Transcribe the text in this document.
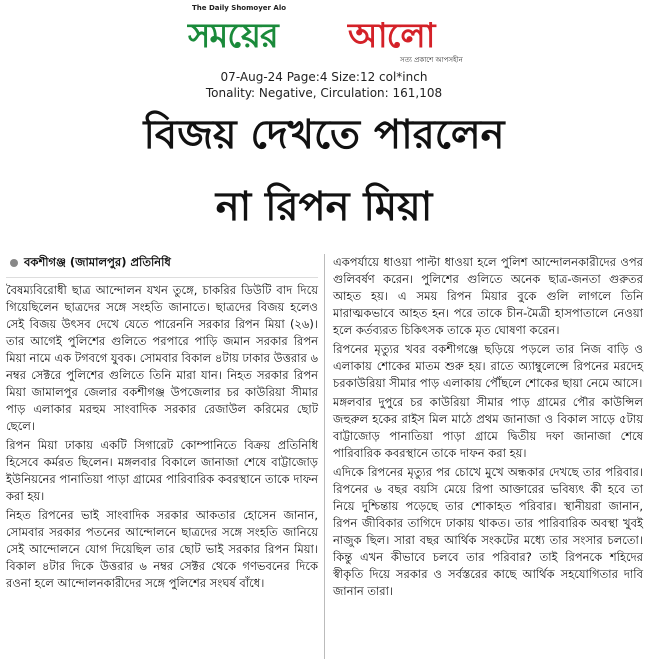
The Daily Shomoyer Alo
সময়ের আলো
সত্য প্রকাশে আপসহীন
07-Aug-24 Page:4 Size:12 col*inch
Tonality: Negative, Circulation: 161,108
বিজয় দেখতে পারলেন
না রিপন মিয়া
বকশীগঞ্জ (জামালপুর) প্রতিনিধি

বৈষম্যবিরোধী ছাত্র আন্দোলন যখন তুঙ্গে, চাকরির ডিউটি বাদ দিয়ে গিয়েছিলেন ছাত্রদের সঙ্গে সংহতি জানাতে। ছাত্রদের বিজয় হলেও সেই বিজয় উৎসব দেখে যেতে পারেননি সরকার রিপন মিয়া (২৬)। তার আগেই পুলিশের গুলিতে পরপারে পাড়ি জমান সরকার রিপন মিয়া নামে এক টগবগে যুবক। সোমবার বিকাল ৪টায় ঢাকার উত্তরার ৬ নম্বর সেক্টরে পুলিশের গুলিতে তিনি মারা যান। নিহত সরকার রিপন মিয়া জামালপুর জেলার বকশীগঞ্জ উপজেলার চর কাউরিয়া সীমার পাড় এলাকার মরহুম সাংবাদিক সরকার রেজাউল করিমের ছোট ছেলে।

রিপন মিয়া ঢাকায় একটি সিগারেট কোম্পানিতে বিক্রয় প্রতিনিধি হিসেবে কর্মরত ছিলেন। মঙ্গলবার বিকালে জানাজা শেষে বাট্টাজোড় ইউনিয়নের পানাতিয়া পাড়া গ্রামের পারিবারিক কবরস্থানে তাকে দাফন করা হয়।

নিহত রিপনের ভাই সাংবাদিক সরকার আকতার হোসেন জানান, সোমবার সরকার পতনের আন্দোলনে ছাত্রদের সঙ্গে সংহতি জানিয়ে সেই আন্দোলনে যোগ দিয়েছিল তার ছোট ভাই সরকার রিপন মিয়া। বিকাল ৪টার দিকে উত্তরার ৬ নম্বর সেক্টর থেকে গণভবনের দিকে রওনা হলে আন্দোলনকারীদের সঙ্গে পুলিশের সংঘর্ষ বাঁধে।

একপর্যায়ে ধাওয়া পাল্টা ধাওয়া হলে পুলিশ আন্দোলনকারীদের ওপর গুলিবর্ষণ করেন। পুলিশের গুলিতে অনেক ছাত্র-জনতা গুরুতর আহত হয়। এ সময় রিপন মিয়ার বুকে গুলি লাগলে তিনি মারাত্মকভাবে আহত হন। পরে তাকে চীন-মৈত্রী হাসপাতালে নেওয়া হলে কর্তব্যরত চিকিৎসক তাকে মৃত ঘোষণা করেন।

রিপনের মৃত্যুর খবর বকশীগঞ্জে ছড়িয়ে পড়লে তার নিজ বাড়ি ও এলাকায় শোকের মাতম শুরু হয়। রাতে অ্যাম্বুলেন্সে রিপনের মরদেহ চরকাউরিয়া সীমার পাড় এলাকায় পৌঁছলে শোকের ছায়া নেমে আসে।

মঙ্গলবার দুপুরে চর কাউরিয়া সীমার পাড় গ্রামের পৌর কাউন্সিল জহুরুল হকের রাইস মিল মাঠে প্রথম জানাজা ও বিকাল সাড়ে ৫টায় বাট্টাজোড় পানাতিয়া পাড়া গ্রামে দ্বিতীয় দফা জানাজা শেষে পারিবারিক কবরস্থানে তাকে দাফন করা হয়।

এদিকে রিপনের মৃত্যুর পর চোখে মুখে অন্ধকার দেখছে তার পরিবার। রিপনের ৬ বছর বয়সি মেয়ে রিপা আক্তারের ভবিষ্যৎ কী হবে তা নিয়ে দুশ্চিন্তায় পড়েছে তার শোকাহত পরিবার। স্থানীয়রা জানান, রিপন জীবিকার তাগিদে ঢাকায় থাকত। তার পারিবারিক অবস্থা খুবই নাজুক ছিল। সারা বছর আর্থিক সংকটের মধ্যে তার সংসার চলতো। কিন্তু এখন কীভাবে চলবে তার পরিবার? তাই রিপনকে শহিদের স্বীকৃতি দিয়ে সরকার ও সর্বস্তরের কাছে আর্থিক সহযোগিতার দাবি জানান তারা।
